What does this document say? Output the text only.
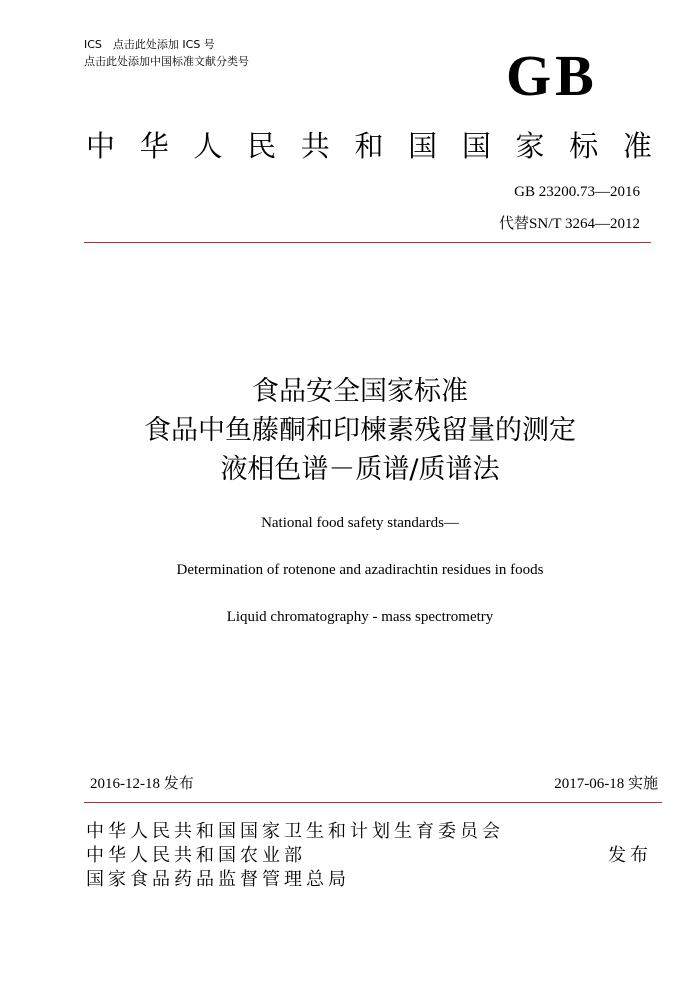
ICS　点击此处添加 ICS 号
点击此处添加中国标准文献分类号	GB
中 华 人 民 共 和 国 国 家 标 准
GB 23200.73—2016
代替SN/T 3264—2012
食品安全国家标准
食品中鱼藤酮和印楝素残留量的测定
液相色谱－质谱/质谱法
National food safety standards—
Determination of rotenone and azadirachtin residues in foods
Liquid chromatography - mass spectrometry
2016-12-18 发布	2017-06-18 实施
中华人民共和国国家卫生和计划生育委员会
中华人民共和国农业部
国家食品药品监督管理总局
发布
